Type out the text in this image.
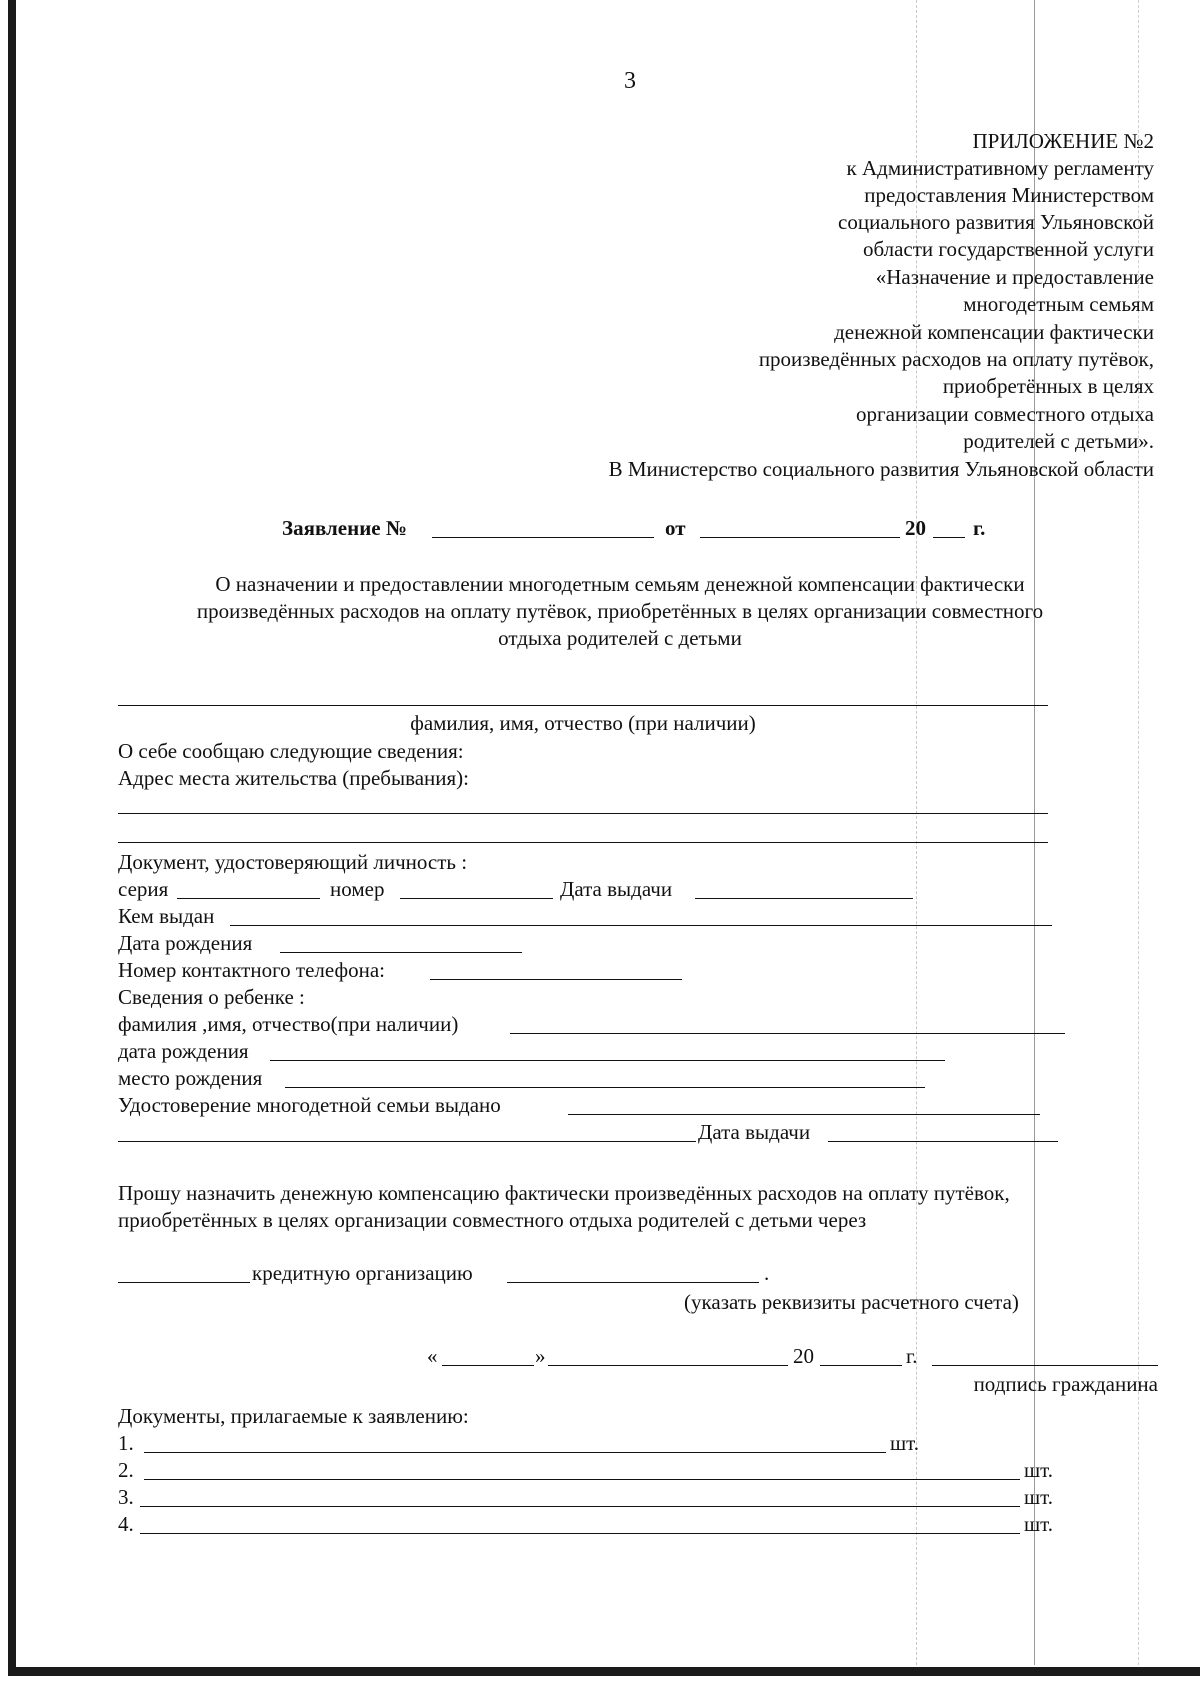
3
ПРИЛОЖЕНИЕ №2
к Административному регламенту
предоставления Министерством
социального развития Ульяновской
области государственной услуги
«Назначение и предоставление
многодетным семьям
денежной компенсации фактически
произведённых расходов на оплату путёвок,
приобретённых в целях
организации совместного отдыха
родителей с детьми».
В Министерство социального развития Ульяновской области
Заявление №	от	20 г.
О назначении и предоставлении многодетным семьям денежной компенсации фактически
произведённых расходов на оплату путёвок, приобретённых в целях организации совместного
отдыха родителей с детьми
фамилия, имя, отчество (при наличии)
О себе сообщаю следующие сведения:
Адрес места жительства (пребывания):
Документ, удостоверяющий личность :
серия	номер	Дата выдачи
Кем выдан
Дата рождения
Номер контактного телефона:
Сведения о ребенке :
фамилия ,имя, отчество(при наличии)
дата рождения
место рождения
Удостоверение многодетной семьи выдано
Дата выдачи
Прошу назначить денежную компенсацию фактически произведённых расходов на оплату путёвок,
приобретённых в целях организации совместного отдыха родителей с детьми через
кредитную организацию	.
(указать реквизиты расчетного счета)
«	»	20	г.
подпись гражданина
Документы, прилагаемые к заявлению:
1.	шт.
2.	шт.
3.	шт.
4.	шт.
